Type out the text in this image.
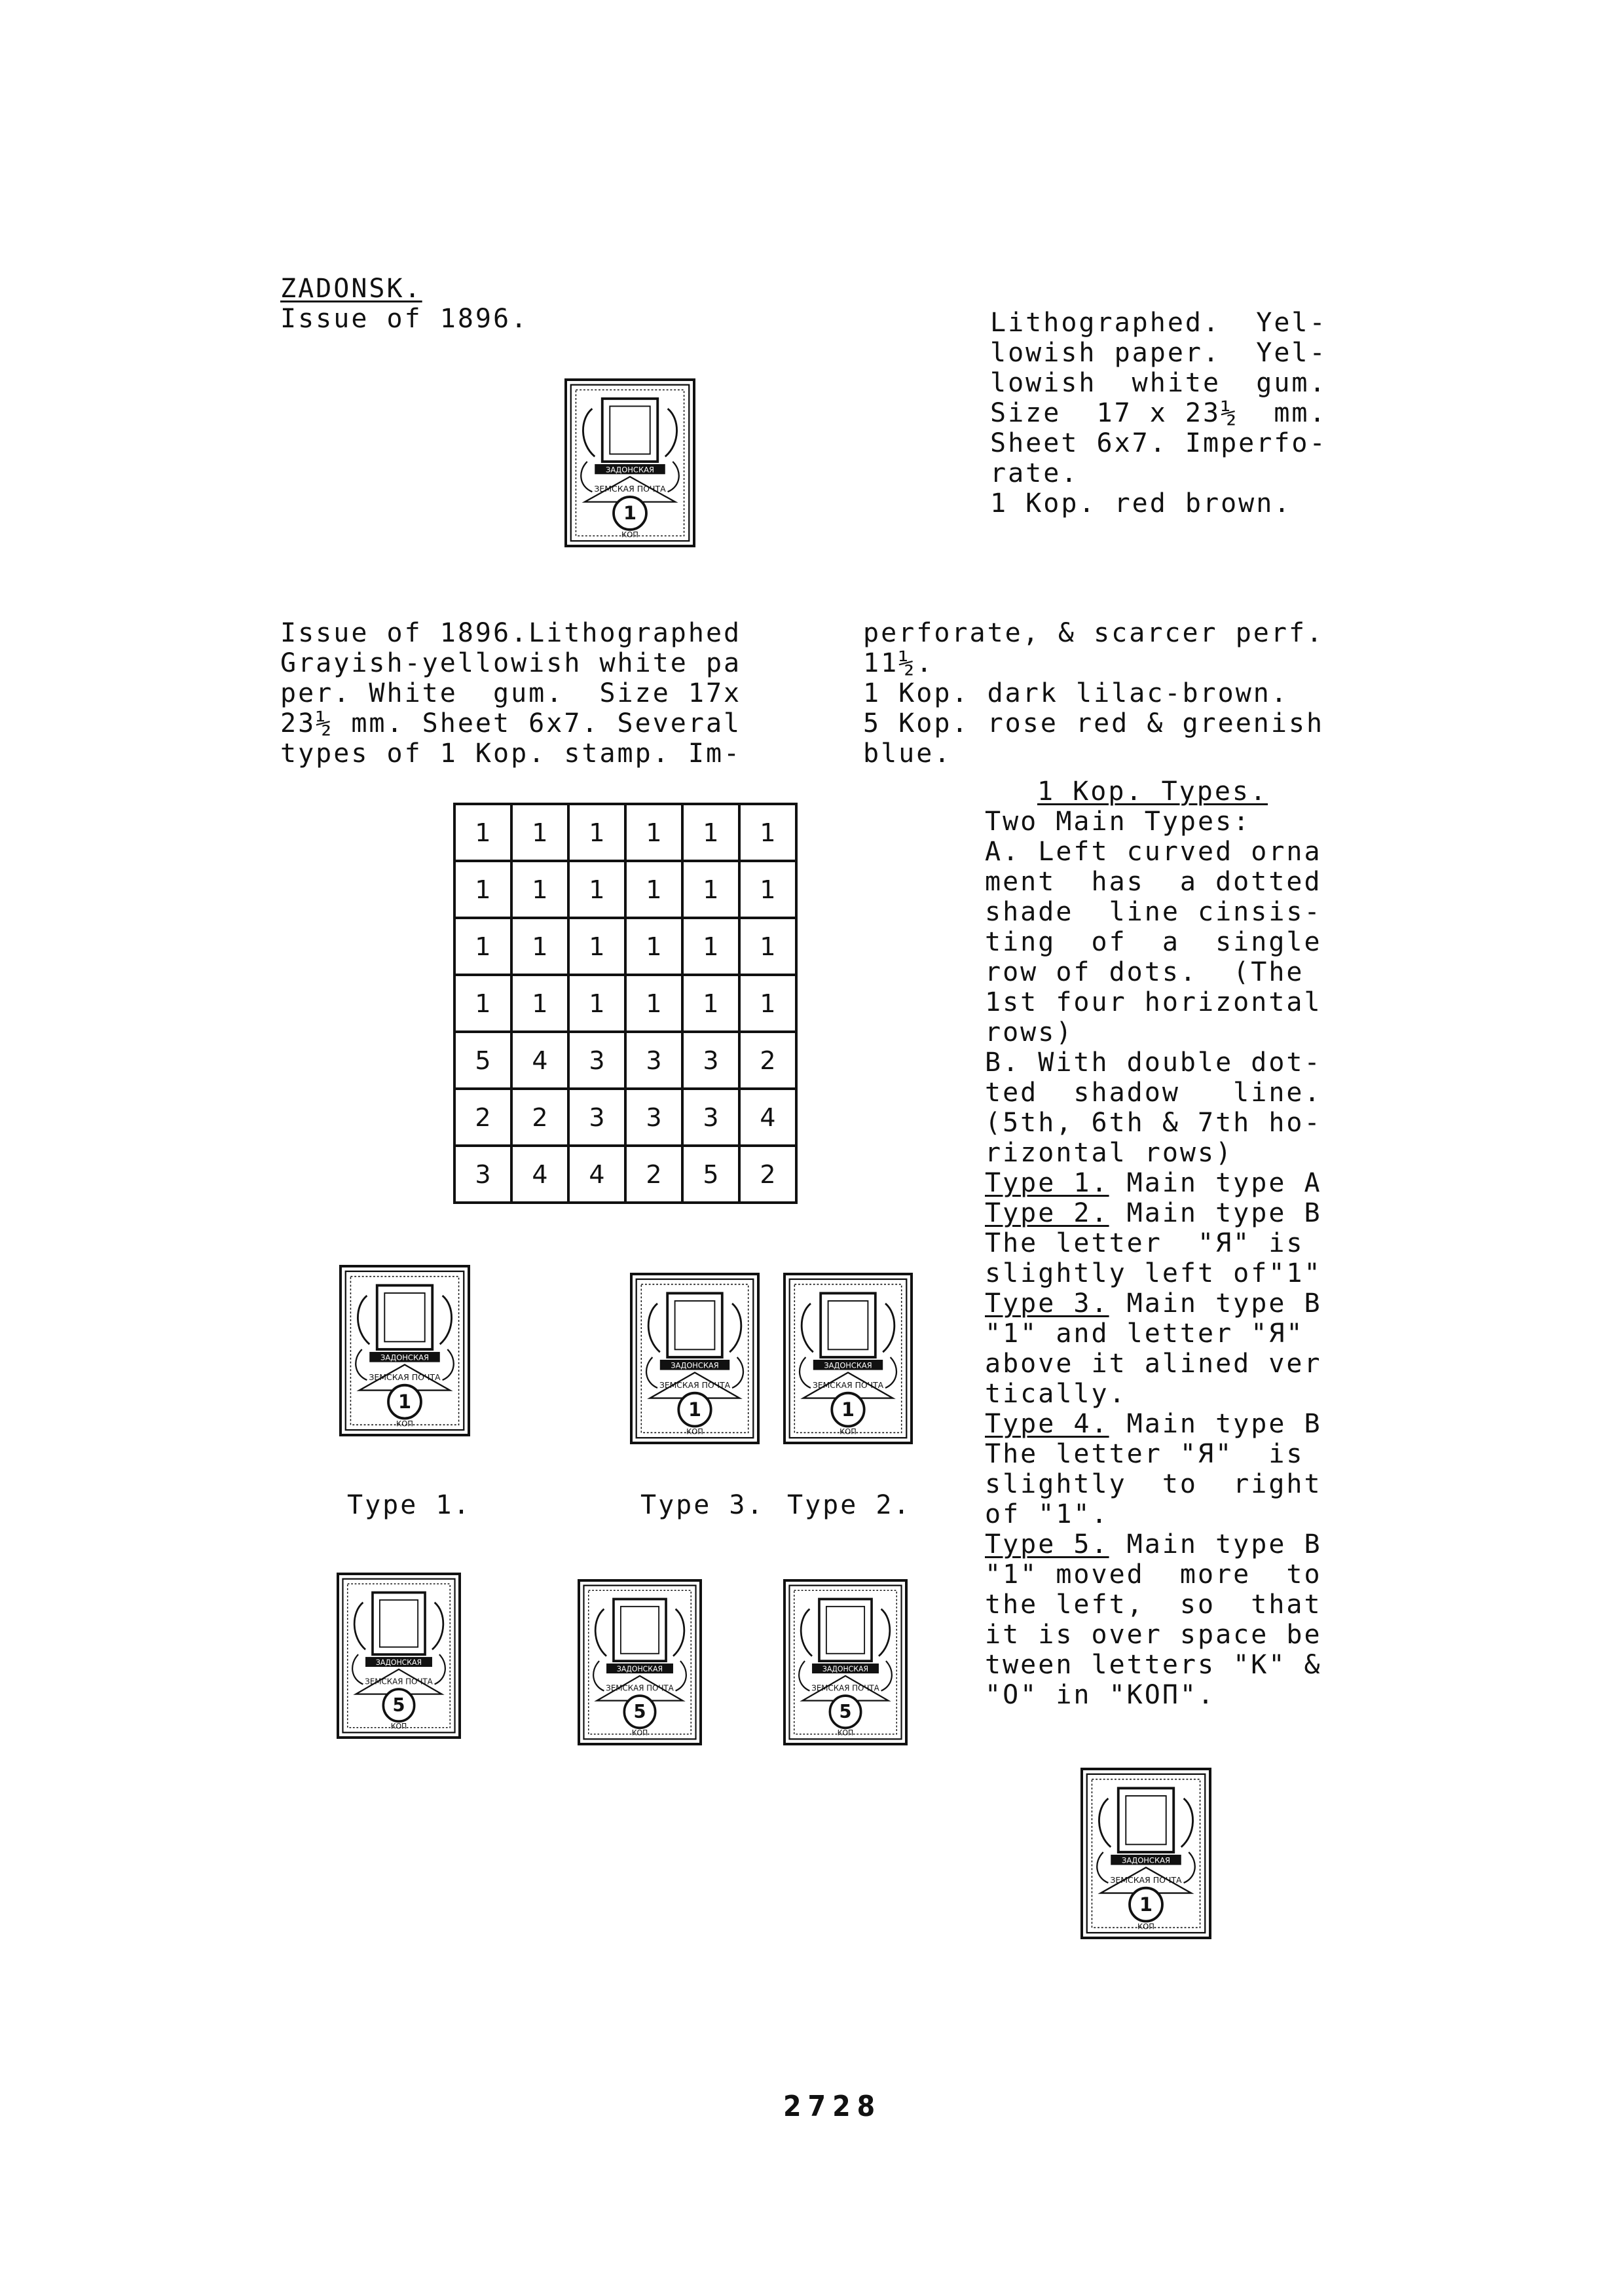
ZADONSK.
Issue of 1896.	Lithographed.  Yel-
lowish paper.  Yel-
lowish  white  gum.
Size  17 x 23½  mm.
Sheet 6x7. Imperfo-
rate.
1 Kop. red brown.
ЗАДОНСКАЯ
ЗЕМСКАЯ ПОЧТА
1
КОП
Issue of 1896.Lithographed
Grayish-yellowish white pa
per. White  gum.  Size 17x
23½ mm. Sheet 6x7. Several
types of 1 Kop. stamp. Im-
perforate, & scarcer perf.
11½.
1 Kop. dark lilac-brown.
5 Kop. rose red & greenish
blue.
1	1	1	1	1	1
1	1	1	1	1	1
1	1	1	1	1	1
1	1	1	1	1	1
5	4	3	3	3	2
2	2	3	3	3	4
3	4	4	2	5	2
1 Kop. Types.
Two Main Types:
A. Left curved orna
ment  has  a dotted
shade  line cinsis-
ting  of  a  single
row of dots.  (The
1st four horizontal
rows)
B. With double dot-
ted  shadow   line.
(5th, 6th & 7th ho-
rizontal rows)
Type 1. Main type A
Type 2. Main type B
The letter  "Я" is
slightly left of"1"
Type 3. Main type B
"1" and letter "Я"
above it alined ver
tically.
Type 4. Main type B
The letter "Я"  is
slightly  to  right
of "1".
Type 5. Main type B
"1" moved  more  to
the left,  so  that
it is over space be
tween letters "K" &
"O" in "KOП".
ЗАДОНСКАЯ
ЗЕМСКАЯ ПОЧТА
1
КОП
ЗАДОНСКАЯ
ЗЕМСКАЯ ПОЧТА
1
КОП
ЗАДОНСКАЯ
ЗЕМСКАЯ ПОЧТА
1
КОП
Type 1.	Type 3. Type 2.
ЗАДОНСКАЯ
ЗЕМСКАЯ ПОЧТА
5
КОП
ЗАДОНСКАЯ
ЗЕМСКАЯ ПОЧТА
5
КОП
ЗАДОНСКАЯ
ЗЕМСКАЯ ПОЧТА
5
КОП
ЗАДОНСКАЯ
ЗЕМСКАЯ ПОЧТА
1
КОП
2728
